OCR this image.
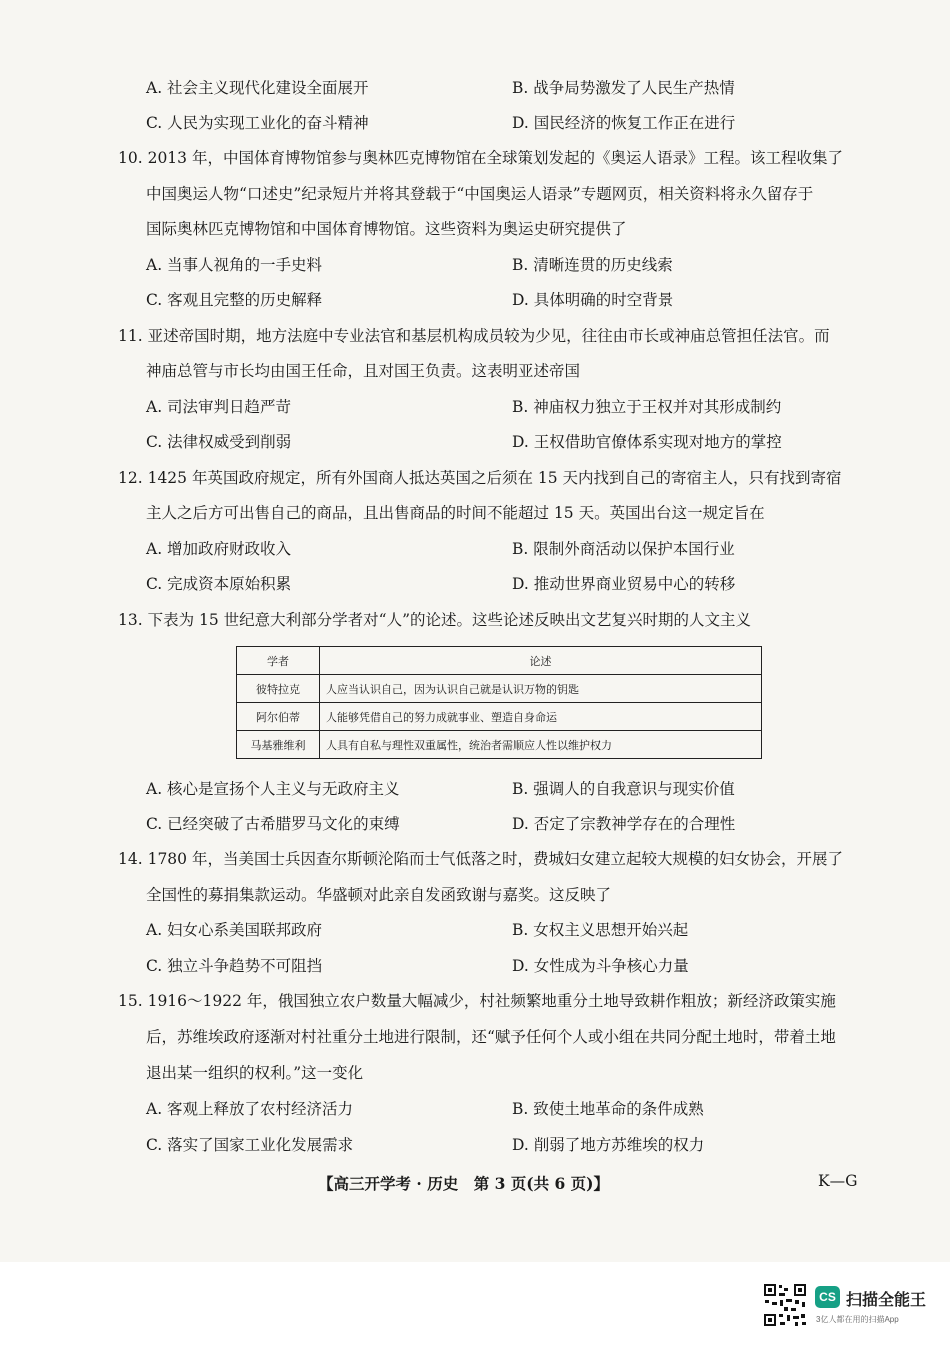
A. 社会主义现代化建设全面展开	B. 战争局势激发了人民生产热情
C. 人民为实现工业化的奋斗精神	D. 国民经济的恢复工作正在进行
10. 2013 年，中国体育博物馆参与奥林匹克博物馆在全球策划发起的《奥运人语录》工程。该工程收集了
中国奥运人物“口述史”纪录短片并将其登载于“中国奥运人语录”专题网页，相关资料将永久留存于
国际奥林匹克博物馆和中国体育博物馆。这些资料为奥运史研究提供了
A. 当事人视角的一手史料	B. 清晰连贯的历史线索
C. 客观且完整的历史解释	D. 具体明确的时空背景
11. 亚述帝国时期，地方法庭中专业法官和基层机构成员较为少见，往往由市长或神庙总管担任法官。而
神庙总管与市长均由国王任命，且对国王负责。这表明亚述帝国
A. 司法审判日趋严苛	B. 神庙权力独立于王权并对其形成制约
C. 法律权威受到削弱	D. 王权借助官僚体系实现对地方的掌控
12. 1425 年英国政府规定，所有外国商人抵达英国之后须在 15 天内找到自己的寄宿主人，只有找到寄宿
主人之后方可出售自己的商品，且出售商品的时间不能超过 15 天。英国出台这一规定旨在
A. 增加政府财政收入	B. 限制外商活动以保护本国行业
C. 完成资本原始积累	D. 推动世界商业贸易中心的转移
13. 下表为 15 世纪意大利部分学者对“人”的论述。这些论述反映出文艺复兴时期的人文主义
学者	论述
彼特拉克	人应当认识自己，因为认识自己就是认识万物的钥匙
阿尔伯蒂	人能够凭借自己的努力成就事业、塑造自身命运
马基雅维利	人具有自私与理性双重属性，统治者需顺应人性以维护权力
A. 核心是宣扬个人主义与无政府主义	B. 强调人的自我意识与现实价值
C. 已经突破了古希腊罗马文化的束缚	D. 否定了宗教神学存在的合理性
14. 1780 年，当美国士兵因查尔斯顿沦陷而士气低落之时，费城妇女建立起较大规模的妇女协会，开展了
全国性的募捐集款运动。华盛顿对此亲自发函致谢与嘉奖。这反映了
A. 妇女心系美国联邦政府	B. 女权主义思想开始兴起
C. 独立斗争趋势不可阻挡	D. 女性成为斗争核心力量
15. 1916～1922 年，俄国独立农户数量大幅减少，村社频繁地重分土地导致耕作粗放；新经济政策实施
后，苏维埃政府逐渐对村社重分土地进行限制，还“赋予任何个人或小组在共同分配土地时，带着土地
退出某一组织的权利。”这一变化
A. 客观上释放了农村经济活力	B. 致使土地革命的条件成熟
C. 落实了国家工业化发展需求	D. 削弱了地方苏维埃的权力
【高三开学考 · 历史　第 3 页(共 6 页)】	K—G
CS 扫描全能王
3亿人都在用的扫描App
